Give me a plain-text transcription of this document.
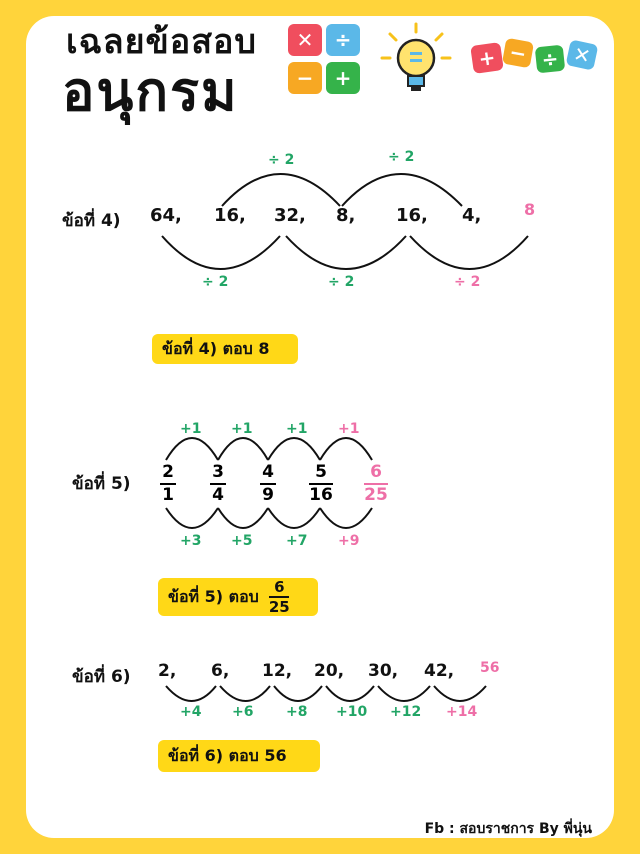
เฉลยข้อสอบ
อนุกรม
✕	÷
−	+
+ − ÷ ✕
ข้อที่ 4) 64, 16, 32, 8, 16, 4,	8
÷ 2	÷ 2
÷ 2	÷ 2	÷ 2
ข้อที่ 4) ตอบ 8
ข้อที่ 5)
2
1
3
4
4
9
5
16
6
25
+1 +1 +1 +1
+3 +5 +7 +9
ข้อที่ 5) ตอบ $\frac{6}{25}$
ข้อที่ 6) 2, 6, 12, 20, 30, 42, 56
+4 +6 +8 +10 +12 +14
ข้อที่ 6) ตอบ 56
Fb : สอบราชการ By พี่นุ่น
